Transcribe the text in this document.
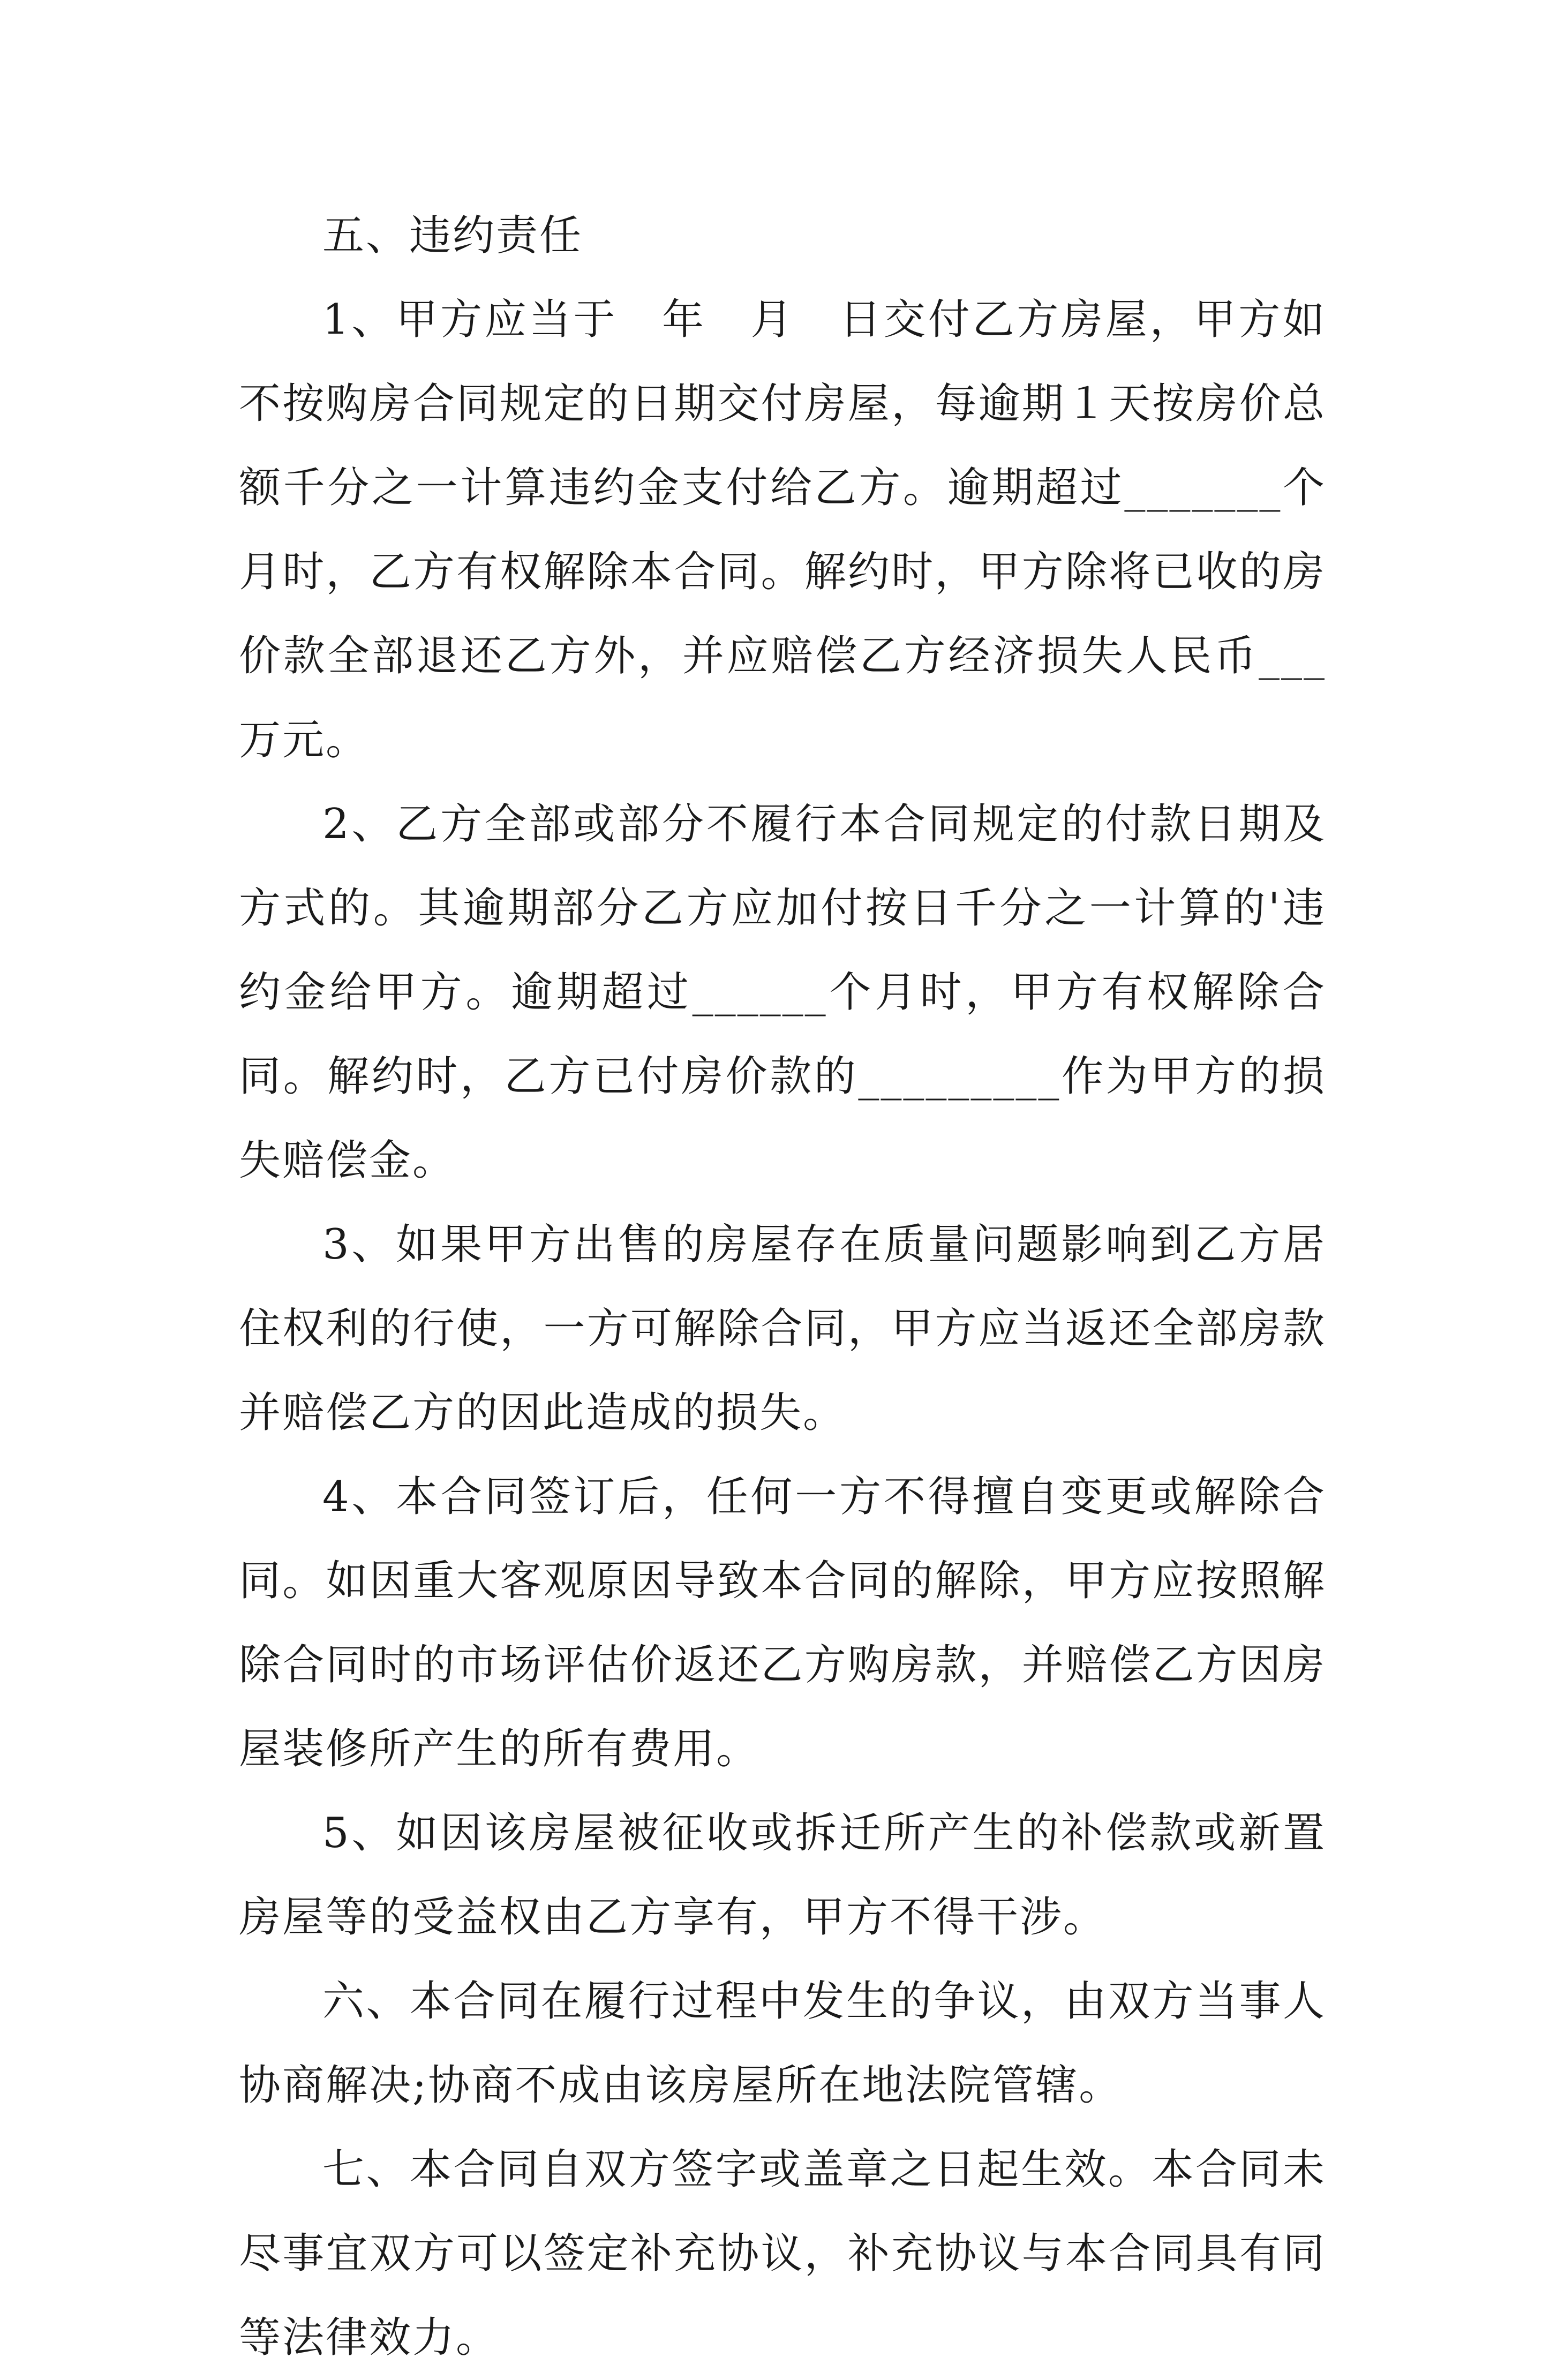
五、违约责任

1、甲方应当于　年　月　日交付乙方房屋，甲方如不按购房合同规定的日期交付房屋，每逾期１天按房价总额千分之一计算违约金支付给乙方。逾期超过_______个月时，乙方有权解除本合同。解约时，甲方除将已收的房价款全部退还乙方外，并应赔偿乙方经济损失人民币___万元。

2、乙方全部或部分不履行本合同规定的付款日期及方式的。其逾期部分乙方应加付按日千分之一计算的'违约金给甲方。逾期超过______个月时，甲方有权解除合同。解约时，乙方已付房价款的_________作为甲方的损失赔偿金。

3、如果甲方出售的房屋存在质量问题影响到乙方居住权利的行使，一方可解除合同，甲方应当返还全部房款并赔偿乙方的因此造成的损失。

4、本合同签订后，任何一方不得擅自变更或解除合同。如因重大客观原因导致本合同的解除，甲方应按照解除合同时的市场评估价返还乙方购房款，并赔偿乙方因房屋装修所产生的所有费用。

5、如因该房屋被征收或拆迁所产生的补偿款或新置房屋等的受益权由乙方享有，甲方不得干涉。

六、本合同在履行过程中发生的争议，由双方当事人协商解决;协商不成由该房屋所在地法院管辖。

七、本合同自双方签字或盖章之日起生效。本合同未尽事宜双方可以签定补充协议，补充协议与本合同具有同等法律效力。
